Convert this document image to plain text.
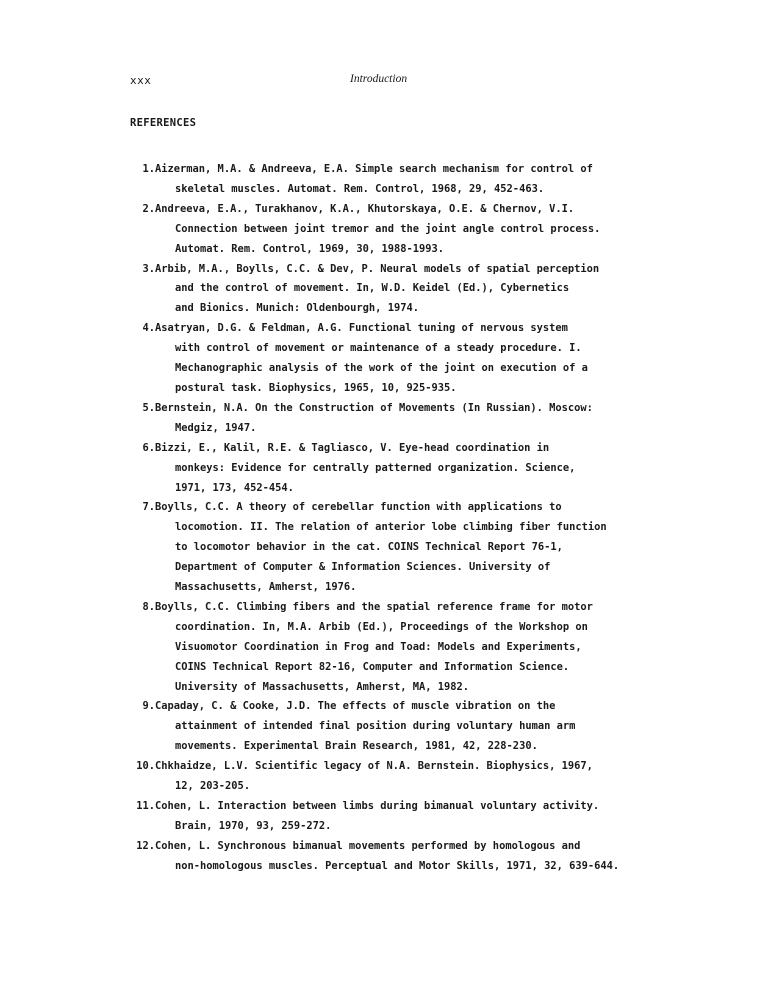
xxx	Introduction
REFERENCES
1. Aizerman, M.A. & Andreeva, E.A. Simple search mechanism for control of
skeletal muscles. Automat. Rem. Control, 1968, 29, 452-463.
2. Andreeva, E.A., Turakhanov, K.A., Khutorskaya, O.E. & Chernov, V.I.
Connection between joint tremor and the joint angle control process.
Automat. Rem. Control, 1969, 30, 1988-1993.
3. Arbib, M.A., Boylls, C.C. & Dev, P. Neural models of spatial perception
and the control of movement. In, W.D. Keidel (Ed.), Cybernetics
and Bionics. Munich: Oldenbourgh, 1974.
4. Asatryan, D.G. & Feldman, A.G. Functional tuning of nervous system
with control of movement or maintenance of a steady procedure. I.
Mechanographic analysis of the work of the joint on execution of a
postural task. Biophysics, 1965, 10, 925-935.
5. Bernstein, N.A. On the Construction of Movements (In Russian). Moscow:
Medgiz, 1947.
6. Bizzi, E., Kalil, R.E. & Tagliasco, V. Eye-head coordination in
monkeys: Evidence for centrally patterned organization. Science,
1971, 173, 452-454.
7. Boylls, C.C. A theory of cerebellar function with applications to
locomotion. II. The relation of anterior lobe climbing fiber function
to locomotor behavior in the cat. COINS Technical Report 76-1,
Department of Computer & Information Sciences. University of
Massachusetts, Amherst, 1976.
8. Boylls, C.C. Climbing fibers and the spatial reference frame for motor
coordination. In, M.A. Arbib (Ed.), Proceedings of the Workshop on
Visuomotor Coordination in Frog and Toad: Models and Experiments,
COINS Technical Report 82-16, Computer and Information Science.
University of Massachusetts, Amherst, MA, 1982.
9. Capaday, C. & Cooke, J.D. The effects of muscle vibration on the
attainment of intended final position during voluntary human arm
movements. Experimental Brain Research, 1981, 42, 228-230.
10. Chkhaidze, L.V. Scientific legacy of N.A. Bernstein. Biophysics, 1967,
12, 203-205.
11. Cohen, L. Interaction between limbs during bimanual voluntary activity.
Brain, 1970, 93, 259-272.
12. Cohen, L. Synchronous bimanual movements performed by homologous and
non-homologous muscles. Perceptual and Motor Skills, 1971, 32, 639-644.
